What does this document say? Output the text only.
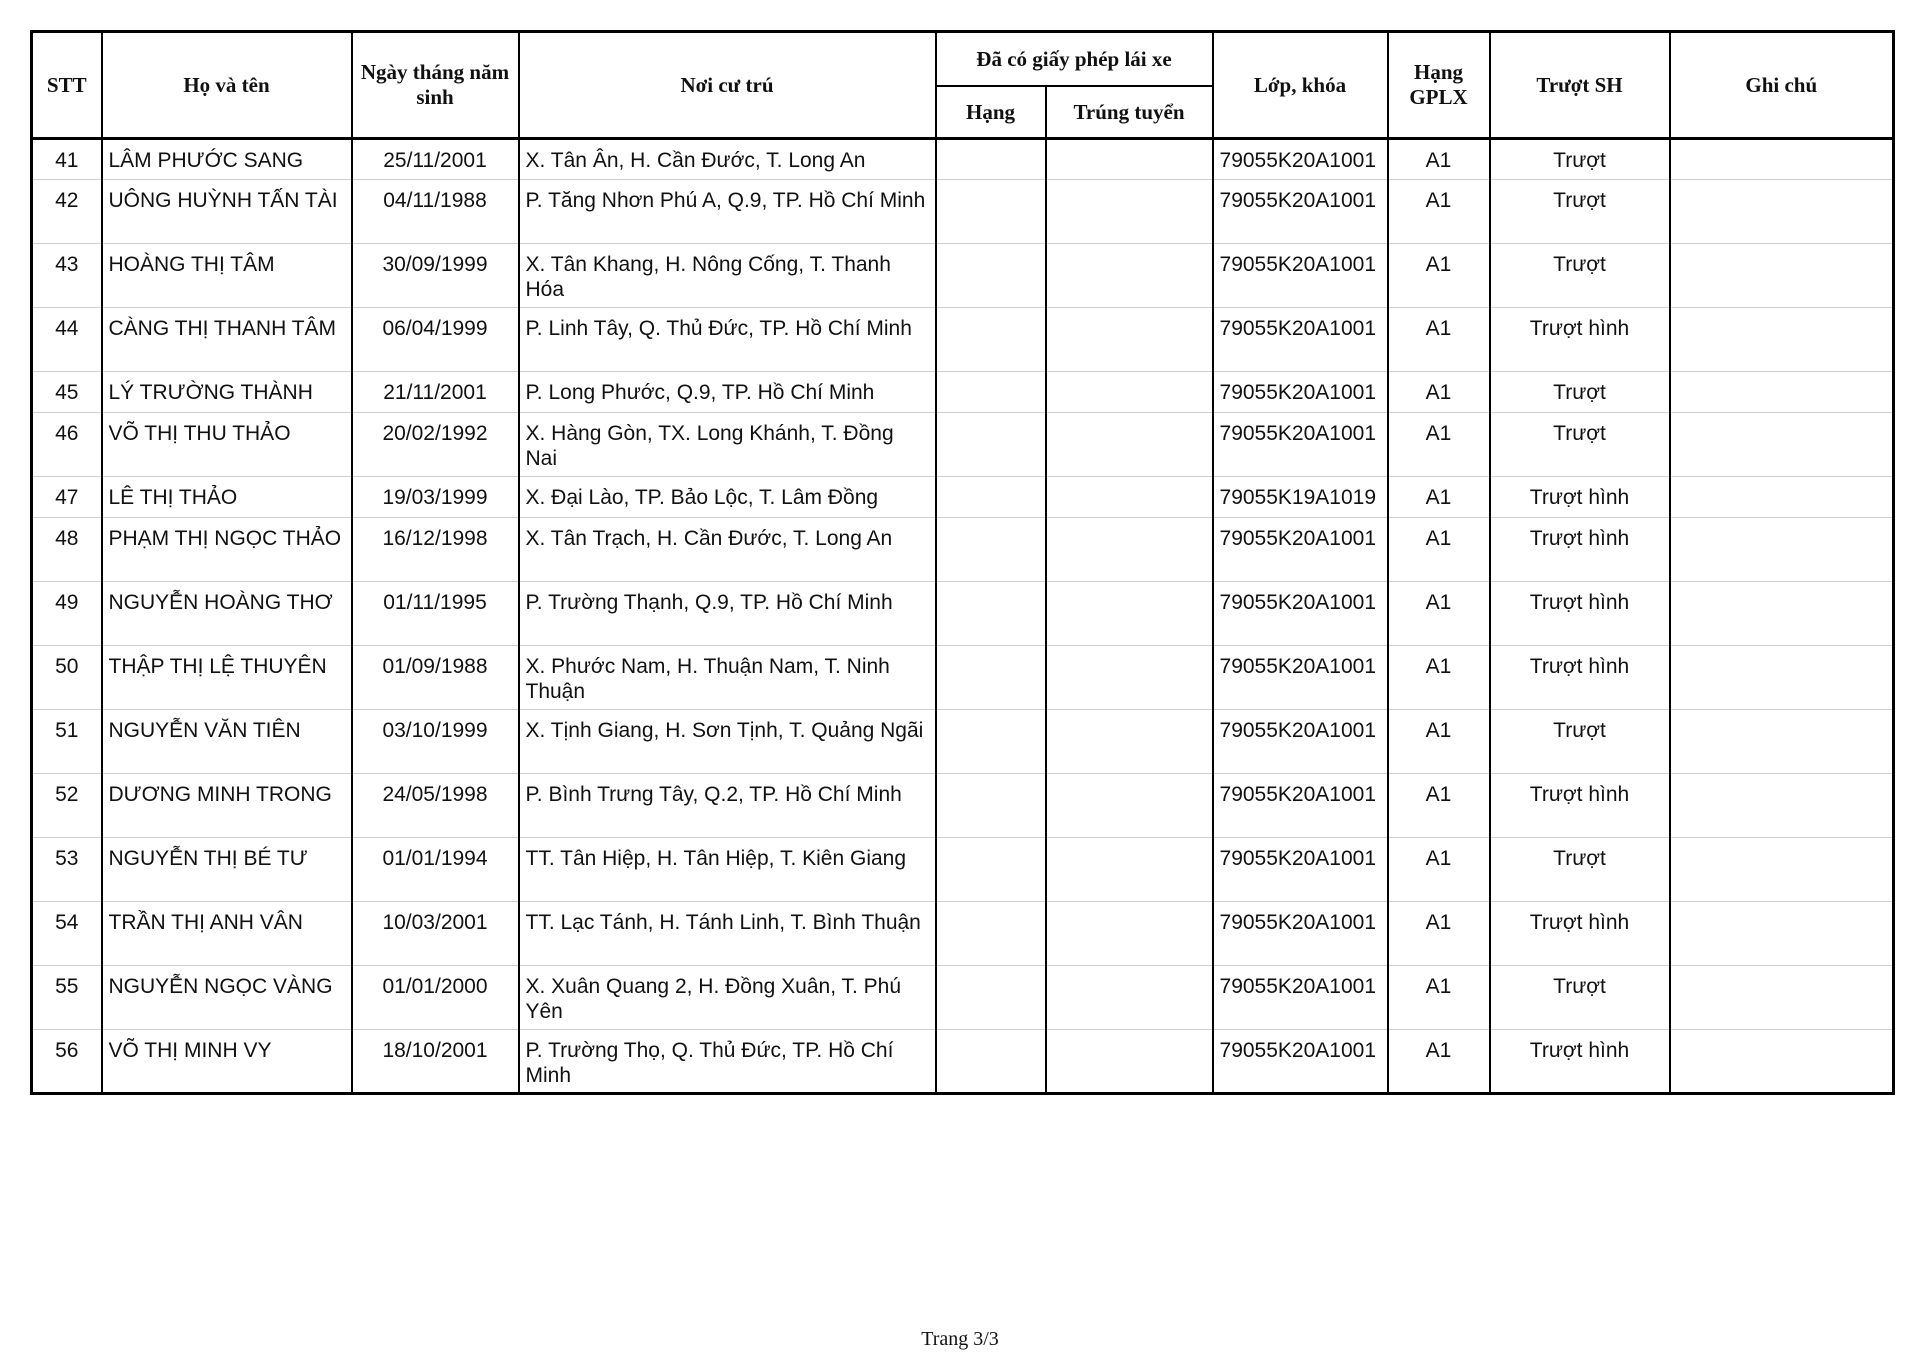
STT	Họ và tên	Ngày tháng năm sinh	Nơi cư trú	Đã có giấy phép lái xe		Lớp, khóa	Hạng GPLX	Trượt SH	Ghi chú
				Hạng	Trúng tuyển				
41	LÂM PHƯỚC SANG	25/11/2001	X. Tân Ân, H. Cần Đước, T. Long An			79055K20A1001	A1	Trượt	
42	UÔNG HUỲNH TẤN TÀI	04/11/1988	P. Tăng Nhơn Phú A, Q.9, TP. Hồ Chí Minh			79055K20A1001	A1	Trượt	
43	HOÀNG THỊ TÂM	30/09/1999	X. Tân Khang, H. Nông Cống, T. Thanh Hóa			79055K20A1001	A1	Trượt	
44	CÀNG THỊ THANH TÂM	06/04/1999	P. Linh Tây, Q. Thủ Đức, TP. Hồ Chí Minh			79055K20A1001	A1	Trượt hình	
45	LÝ TRƯỜNG THÀNH	21/11/2001	P. Long Phước, Q.9, TP. Hồ Chí Minh			79055K20A1001	A1	Trượt	
46	VÕ THỊ THU THẢO	20/02/1992	X. Hàng Gòn, TX. Long Khánh, T. Đồng Nai			79055K20A1001	A1	Trượt	
47	LÊ THỊ THẢO	19/03/1999	X. Đại Lào, TP. Bảo Lộc, T. Lâm Đồng			79055K19A1019	A1	Trượt hình	
48	PHẠM THỊ NGỌC THẢO	16/12/1998	X. Tân Trạch, H. Cần Đước, T. Long An			79055K20A1001	A1	Trượt hình	
49	NGUYỄN HOÀNG THƠ	01/11/1995	P. Trường Thạnh, Q.9, TP. Hồ Chí Minh			79055K20A1001	A1	Trượt hình	
50	THẬP THỊ LỆ THUYÊN	01/09/1988	X. Phước Nam, H. Thuận Nam, T. Ninh Thuận			79055K20A1001	A1	Trượt hình	
51	NGUYỄN VĂN TIÊN	03/10/1999	X. Tịnh Giang, H. Sơn Tịnh, T. Quảng Ngãi			79055K20A1001	A1	Trượt	
52	DƯƠNG MINH TRONG	24/05/1998	P. Bình Trưng Tây, Q.2, TP. Hồ Chí Minh			79055K20A1001	A1	Trượt hình	
53	NGUYỄN THỊ BÉ TƯ	01/01/1994	TT. Tân Hiệp, H. Tân Hiệp, T. Kiên Giang			79055K20A1001	A1	Trượt	
54	TRẦN THỊ ANH VÂN	10/03/2001	TT. Lạc Tánh, H. Tánh Linh, T. Bình Thuận			79055K20A1001	A1	Trượt hình	
55	NGUYỄN NGỌC VÀNG	01/01/2000	X. Xuân Quang 2, H. Đồng Xuân, T. Phú Yên			79055K20A1001	A1	Trượt	
56	VÕ THỊ MINH VY	18/10/2001	P. Trường Thọ, Q. Thủ Đức, TP. Hồ Chí Minh			79055K20A1001	A1	Trượt hình	
Trang 3/3
